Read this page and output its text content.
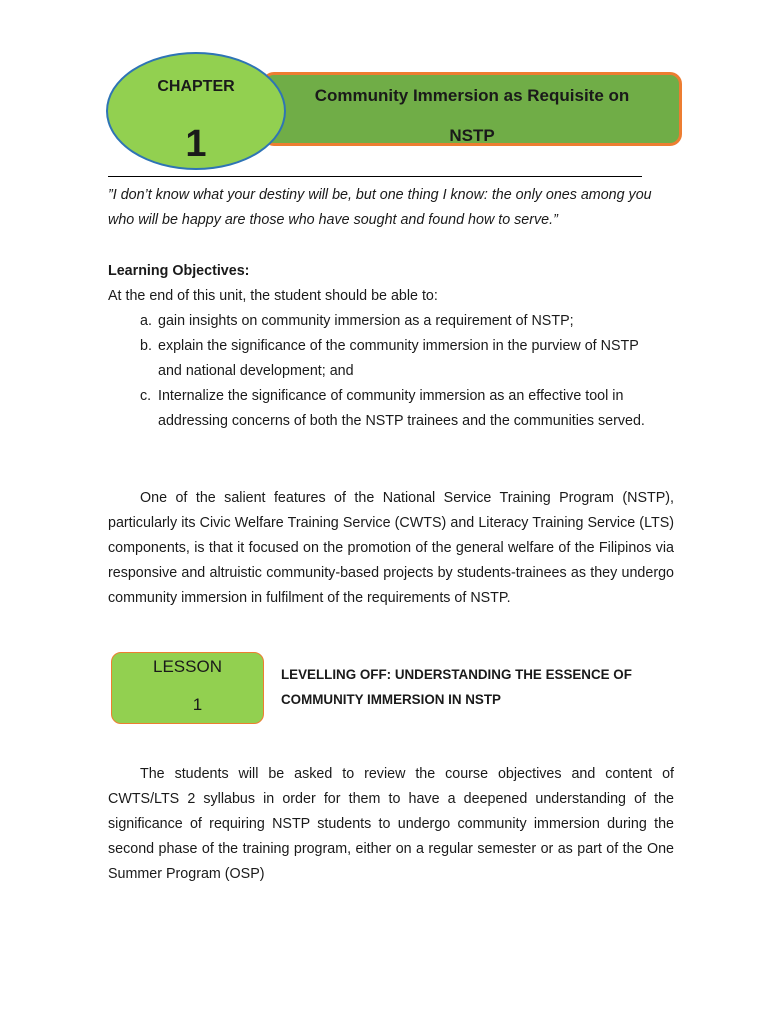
Community Immersion as Requisite on
NSTP
CHAPTER
1

”I don’t know what your destiny will be, but one thing I know: the only ones among you who will be happy are those who have sought and found how to serve.”

Learning Objectives:

At the end of this unit, the student should be able to:

a. gain insights on community immersion as a requirement of NSTP;
b. explain the significance of the community immersion in the purview of NSTP and national development; and
c. Internalize the significance of community immersion as an effective tool in addressing concerns of both the NSTP trainees and the communities served.

One of the salient features of the National Service Training Program (NSTP), particularly its Civic Welfare Training Service (CWTS) and Literacy Training Service (LTS) components, is that it focused on the promotion of the general welfare of the Filipinos via responsive and altruistic community-based projects by students-trainees as they undergo community immersion in fulfilment of the requirements of NSTP.

LESSON
1

LEVELLING OFF: UNDERSTANDING THE ESSENCE OF COMMUNITY IMMERSION IN NSTP

The students will be asked to review the course objectives and content of CWTS/LTS 2 syllabus in order for them to have a deepened understanding of the significance of requiring NSTP students to undergo community immersion during the second phase of the training program, either on a regular semester or as part of the One Summer Program (OSP)
